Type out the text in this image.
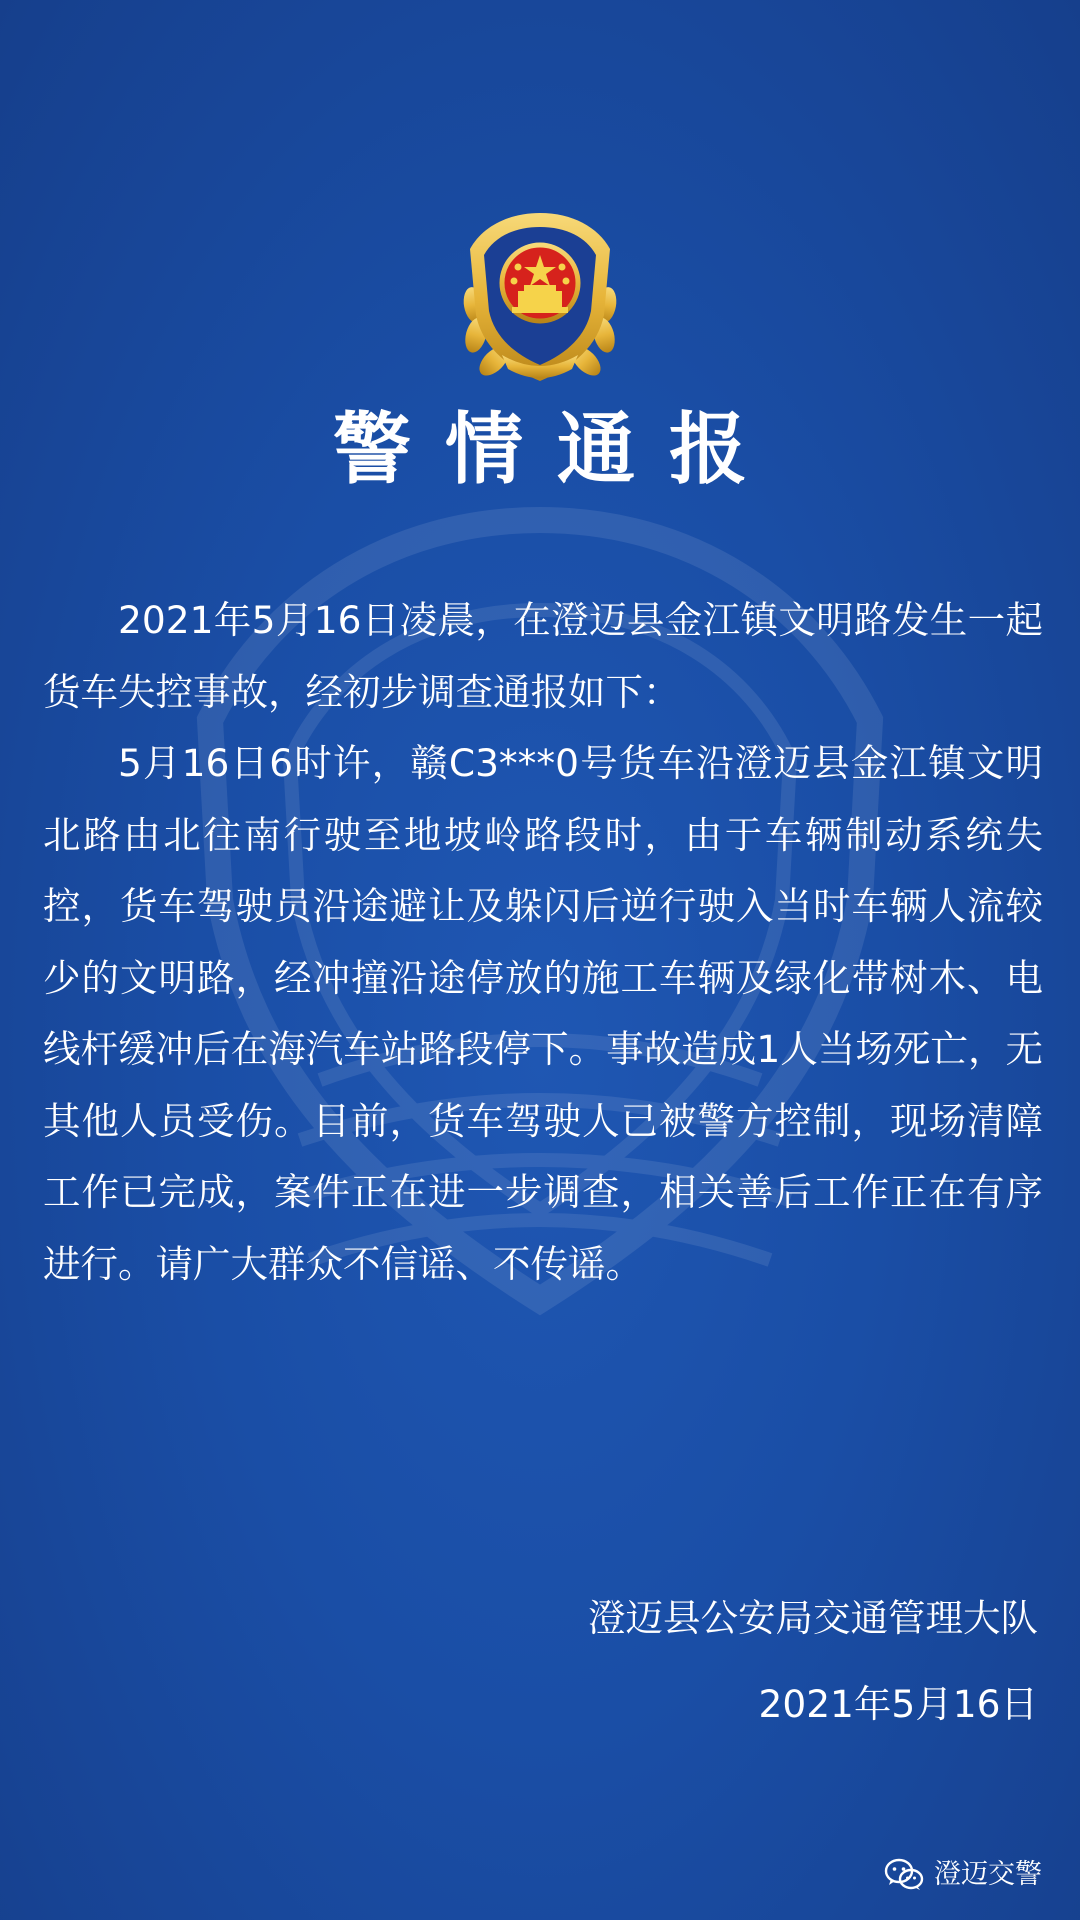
警情通报

2021年5月16日凌晨，在澄迈县金江镇文明路发生一起货车失控事故，经初步调查通报如下：

5月16日6时许，赣C3***0号货车沿澄迈县金江镇文明北路由北往南行驶至地坡岭路段时，由于车辆制动系统失控，货车驾驶员沿途避让及躲闪后逆行驶入当时车辆人流较少的文明路，经冲撞沿途停放的施工车辆及绿化带树木、电线杆缓冲后在海汽车站路段停下。事故造成1人当场死亡，无其他人员受伤。目前，货车驾驶人已被警方控制，现场清障工作已完成，案件正在进一步调查，相关善后工作正在有序进行。请广大群众不信谣、不传谣。

澄迈县公安局交通管理大队
2021年5月16日
澄迈交警
